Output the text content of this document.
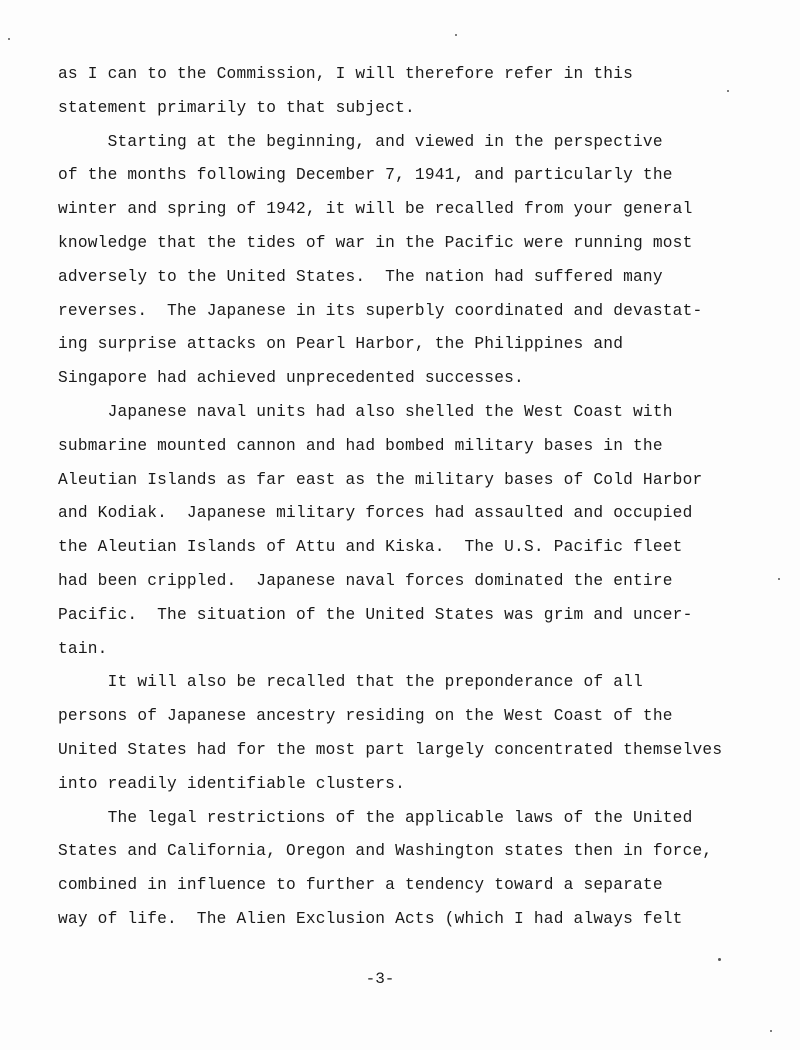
as I can to the Commission, I will therefore refer in this
statement primarily to that subject.
Starting at the beginning, and viewed in the perspective
of the months following December 7, 1941, and particularly the
winter and spring of 1942, it will be recalled from your general
knowledge that the tides of war in the Pacific were running most
adversely to the United States.  The nation had suffered many
reverses.  The Japanese in its superbly coordinated and devastat-
ing surprise attacks on Pearl Harbor, the Philippines and
Singapore had achieved unprecedented successes.
Japanese naval units had also shelled the West Coast with
submarine mounted cannon and had bombed military bases in the
Aleutian Islands as far east as the military bases of Cold Harbor
and Kodiak.  Japanese military forces had assaulted and occupied
the Aleutian Islands of Attu and Kiska.  The U.S. Pacific fleet
had been crippled.  Japanese naval forces dominated the entire
Pacific.  The situation of the United States was grim and uncer-
tain.
It will also be recalled that the preponderance of all
persons of Japanese ancestry residing on the West Coast of the
United States had for the most part largely concentrated themselves
into readily identifiable clusters.
The legal restrictions of the applicable laws of the United
States and California, Oregon and Washington states then in force,
combined in influence to further a tendency toward a separate
way of life.  The Alien Exclusion Acts (which I had always felt
-3-
